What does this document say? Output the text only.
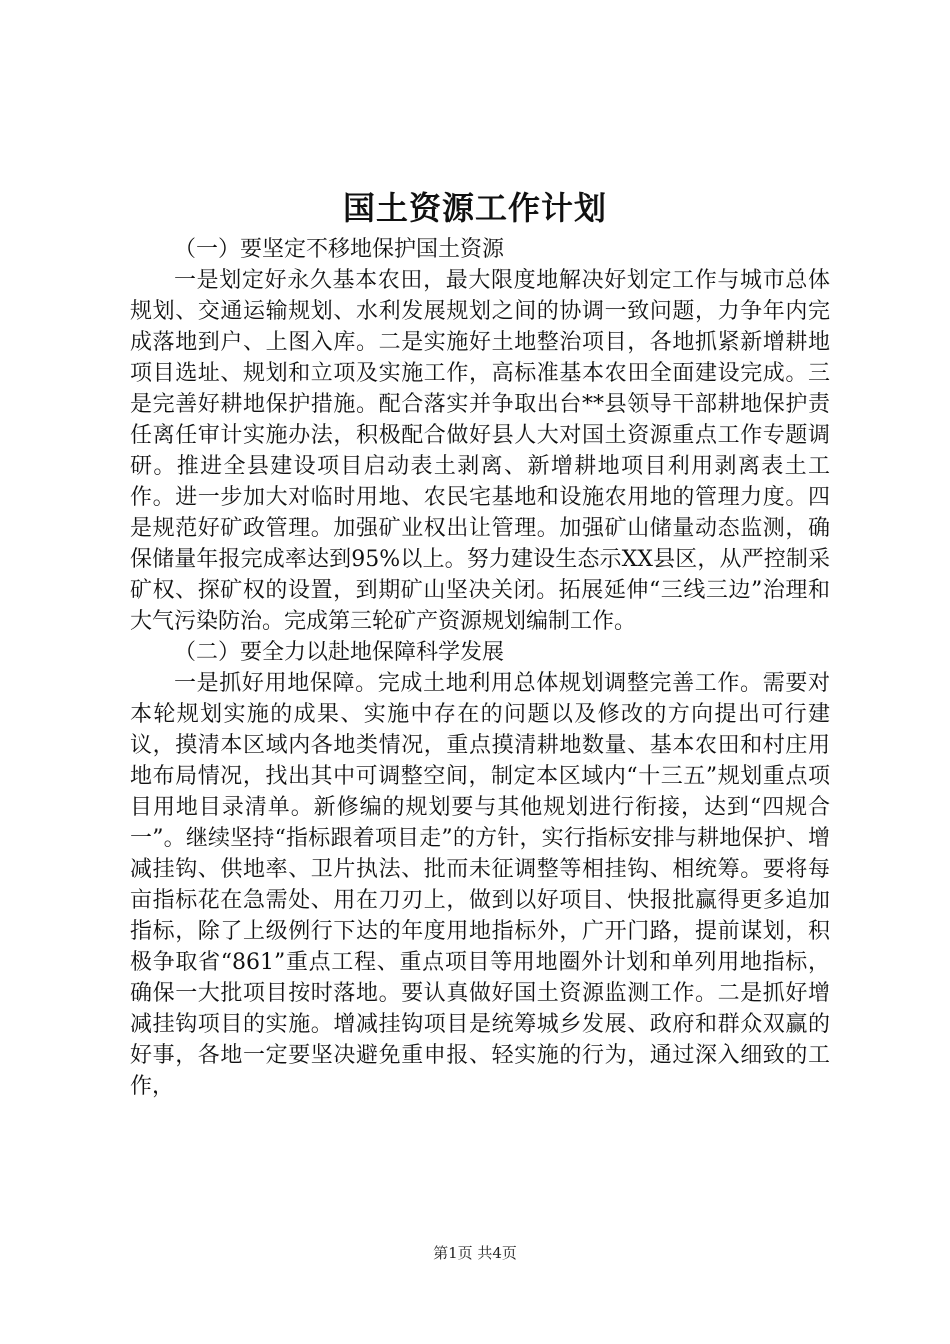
国土资源工作计划

（一）要坚定不移地保护国土资源

一是划定好永久基本农田，最大限度地解决好划定工作与城市总体规划、交通运输规划、水利发展规划之间的协调一致问题，力争年内完成落地到户、上图入库。二是实施好土地整治项目，各地抓紧新增耕地项目选址、规划和立项及实施工作，高标准基本农田全面建设完成。三是完善好耕地保护措施。配合落实并争取出台**县领导干部耕地保护责任离任审计实施办法，积极配合做好县人大对国土资源重点工作专题调研。推进全县建设项目启动表土剥离、新增耕地项目利用剥离表土工作。进一步加大对临时用地、农民宅基地和设施农用地的管理力度。四是规范好矿政管理。加强矿业权出让管理。加强矿山储量动态监测，确保储量年报完成率达到95%以上。努力建设生态示XX县区，从严控制采矿权、探矿权的设置，到期矿山坚决关闭。拓展延伸“三线三边”治理和大气污染防治。完成第三轮矿产资源规划编制工作。

（二）要全力以赴地保障科学发展

一是抓好用地保障。完成土地利用总体规划调整完善工作。需要对本轮规划实施的成果、实施中存在的问题以及修改的方向提出可行建议，摸清本区域内各地类情况，重点摸清耕地数量、基本农田和村庄用地布局情况，找出其中可调整空间，制定本区域内“十三五”规划重点项目用地目录清单。新修编的规划要与其他规划进行衔接，达到“四规合一”。继续坚持“指标跟着项目走”的方针，实行指标安排与耕地保护、增减挂钩、供地率、卫片执法、批而未征调整等相挂钩、相统筹。要将每亩指标花在急需处、用在刀刃上，做到以好项目、快报批赢得更多追加指标，除了上级例行下达的年度用地指标外，广开门路，提前谋划，积极争取省“861”重点工程、重点项目等用地圈外计划和单列用地指标，确保一大批项目按时落地。要认真做好国土资源监测工作。二是抓好增减挂钩项目的实施。增减挂钩项目是统筹城乡发展、政府和群众双赢的好事，各地一定要坚决避免重申报、轻实施的行为，通过深入细致的工作，

第1页 共4页
